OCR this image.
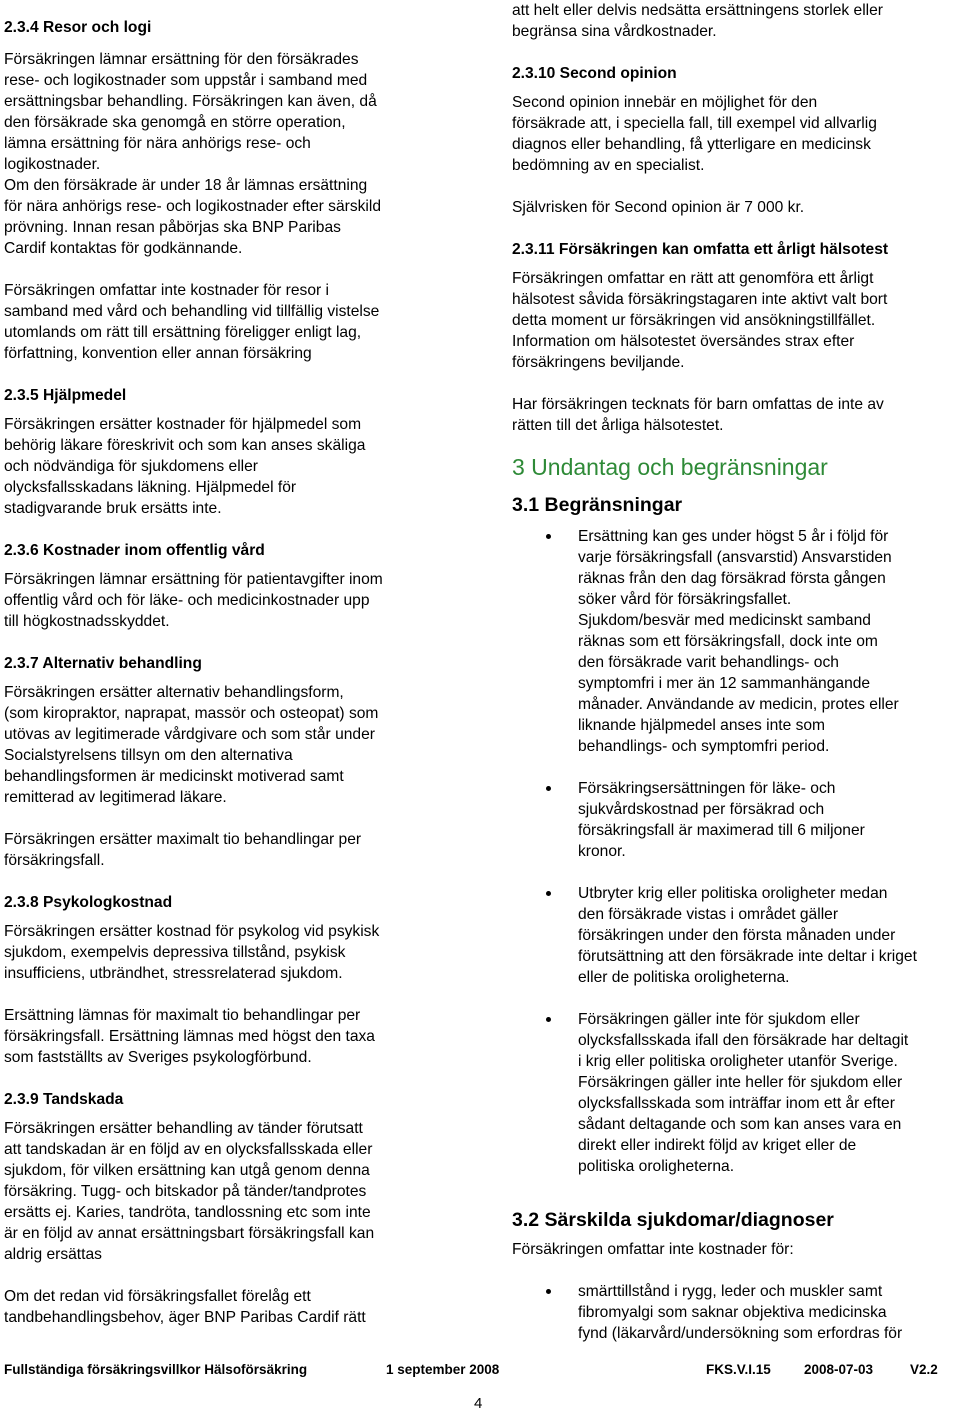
2.3.4 Resor och logi
Försäkringen lämnar ersättning för den försäkrades
rese- och logikostnader som uppstår i samband med
ersättningsbar behandling. Försäkringen kan även, då
den försäkrade ska genomgå en större operation,
lämna ersättning för nära anhörigs rese- och
logikostnader.
Om den försäkrade är under 18 år lämnas ersättning
för nära anhörigs rese- och logikostnader efter särskild
prövning. Innan resan påbörjas ska BNP Paribas
Cardif kontaktas för godkännande.
Försäkringen omfattar inte kostnader för resor i
samband med vård och behandling vid tillfällig vistelse
utomlands om rätt till ersättning föreligger enligt lag,
författning, konvention eller annan försäkring
2.3.5 Hjälpmedel
Försäkringen ersätter kostnader för hjälpmedel som
behörig läkare föreskrivit och som kan anses skäliga
och nödvändiga för sjukdomens eller
olycksfallsskadans läkning. Hjälpmedel för
stadigvarande bruk ersätts inte.
2.3.6 Kostnader inom offentlig vård
Försäkringen lämnar ersättning för patientavgifter inom
offentlig vård och för läke- och medicinkostnader upp
till högkostnadsskyddet.
2.3.7 Alternativ behandling
Försäkringen ersätter alternativ behandlingsform,
(som kiropraktor, naprapat, massör och osteopat) som
utövas av legitimerade vårdgivare och som står under
Socialstyrelsens tillsyn om den alternativa
behandlingsformen är medicinskt motiverad samt
remitterad av legitimerad läkare.
Försäkringen ersätter maximalt tio behandlingar per
försäkringsfall.
2.3.8 Psykologkostnad
Försäkringen ersätter kostnad för psykolog vid psykisk
sjukdom, exempelvis depressiva tillstånd, psykisk
insufficiens, utbrändhet, stressrelaterad sjukdom.
Ersättning lämnas för maximalt tio behandlingar per
försäkringsfall. Ersättning lämnas med högst den taxa
som fastställts av Sveriges psykologförbund.
2.3.9 Tandskada
Försäkringen ersätter behandling av tänder förutsatt
att tandskadan är en följd av en olycksfallsskada eller
sjukdom, för vilken ersättning kan utgå genom denna
försäkring. Tugg- och bitskador på tänder/tandprotes
ersätts ej. Karies, tandröta, tandlossning etc som inte
är en följd av annat ersättningsbart försäkringsfall kan
aldrig ersättas
Om det redan vid försäkringsfallet förelåg ett
tandbehandlingsbehov, äger BNP Paribas Cardif rätt
att helt eller delvis nedsätta ersättningens storlek eller
begränsa sina vårdkostnader.
2.3.10 Second opinion
Second opinion innebär en möjlighet för den
försäkrade att, i speciella fall, till exempel vid allvarlig
diagnos eller behandling, få ytterligare en medicinsk
bedömning av en specialist.
Självrisken för Second opinion är 7 000 kr.
2.3.11 Försäkringen kan omfatta ett årligt hälsotest
Försäkringen omfattar en rätt att genomföra ett årligt
hälsotest såvida försäkringstagaren inte aktivt valt bort
detta moment ur försäkringen vid ansökningstillfället.
Information om hälsotestet översändes strax efter
försäkringens beviljande.
Har försäkringen tecknats för barn omfattas de inte av
rätten till det årliga hälsotestet.
3 Undantag och begränsningar
3.1 Begränsningar
Ersättning kan ges under högst 5 år i följd för
varje försäkringsfall (ansvarstid) Ansvarstiden
räknas från den dag försäkrad första gången
söker vård för försäkringsfallet.
Sjukdom/besvär med medicinskt samband
räknas som ett försäkringsfall, dock inte om
den försäkrade varit behandlings- och
symptomfri i mer än 12 sammanhängande
månader. Användande av medicin, protes eller
liknande hjälpmedel anses inte som
behandlings- och symptomfri period.
Försäkringsersättningen för läke- och
sjukvårdskostnad per försäkrad och
försäkringsfall är maximerad till 6 miljoner
kronor.
Utbryter krig eller politiska oroligheter medan
den försäkrade vistas i området gäller
försäkringen under den första månaden under
förutsättning att den försäkrade inte deltar i kriget
eller de politiska oroligheterna.
Försäkringen gäller inte för sjukdom eller
olycksfallsskada ifall den försäkrade har deltagit
i krig eller politiska oroligheter utanför Sverige.
Försäkringen gäller inte heller för sjukdom eller
olycksfallsskada som inträffar inom ett år efter
sådant deltagande och som kan anses vara en
direkt eller indirekt följd av kriget eller de
politiska oroligheterna.
3.2 Särskilda sjukdomar/diagnoser
Försäkringen omfattar inte kostnader för:
smärttillstånd i rygg, leder och muskler samt
fibromyalgi som saknar objektiva medicinska
fynd (läkarvård/undersökning som erfordras för
Fullständiga försäkringsvillkor Hälsoförsäkring	1 september 2008	FKS.V.I.15 2008-07-03	V2.2
4
